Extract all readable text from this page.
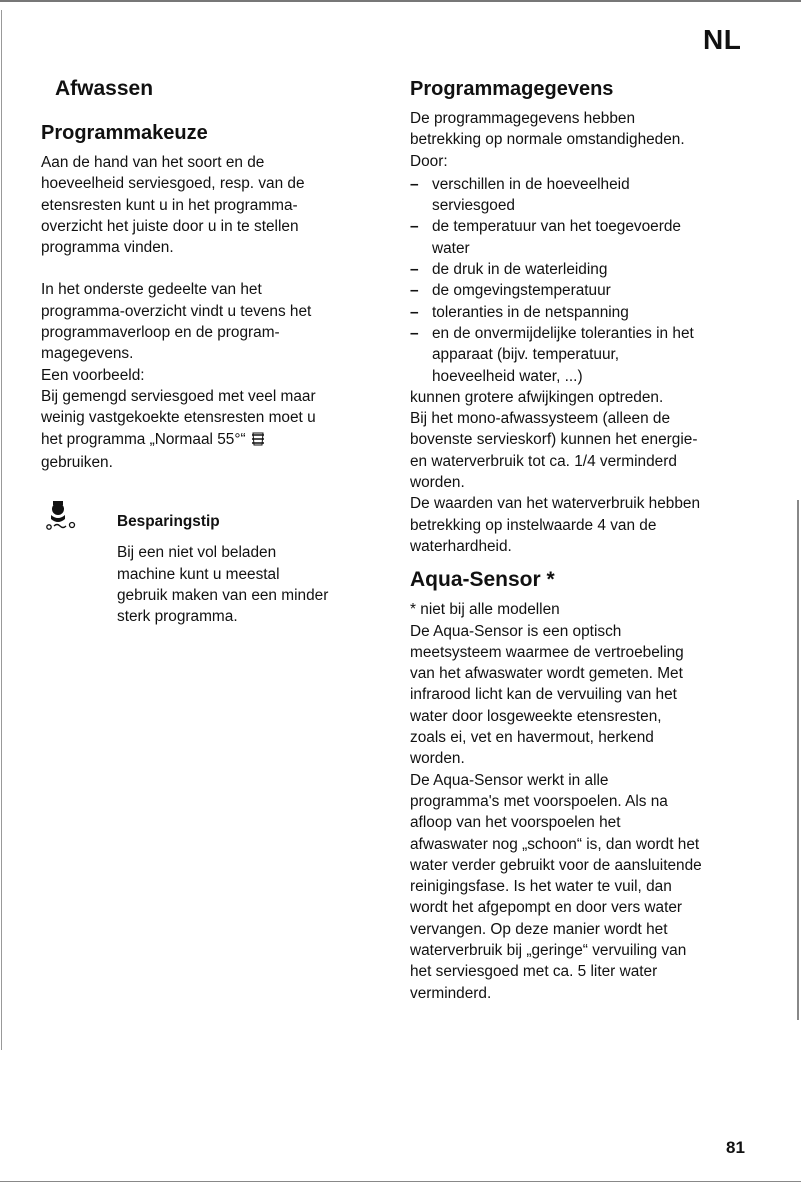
NL
Afwassen
Programmakeuze

Aan de hand van het soort en de
hoeveelheid serviesgoed, resp. van de
etensresten kunt u in het programma-
overzicht het juiste door u in te stellen
programma vinden.

In het onderste gedeelte van het
programma-overzicht vindt u tevens het
programmaverloop en de program-
magegevens.

Een voorbeeld:

Bij gemengd serviesgoed met veel maar
weinig vastgekoekte etensresten moet u
het programma „Normaal 55°“
gebruiken.

Besparingstip
Bij een niet vol beladen
machine kunt u meestal
gebruik maken van een minder
sterk programma.
Programmagegevens

De programmagegevens hebben
betrekking op normale omstandigheden.
Door:

– verschillen in de hoeveelheid
serviesgoed
– de temperatuur van het toegevoerde
water
– de druk in de waterleiding
– de omgevingstemperatuur
– toleranties in de netspanning
– en de onvermijdelijke toleranties in het
apparaat (bijv. temperatuur,
hoeveelheid water, ...)

kunnen grotere afwijkingen optreden.

Bij het mono-afwassysteem (alleen de
bovenste servieskorf) kunnen het energie-
en waterverbruik tot ca. 1/4 verminderd
worden.

De waarden van het waterverbruik hebben
betrekking op instelwaarde 4 van de
waterhardheid.

Aqua-Sensor *

* niet bij alle modellen

De Aqua-Sensor is een optisch
meetsysteem waarmee de vertroebeling
van het afwaswater wordt gemeten. Met
infrarood licht kan de vervuiling van het
water door losgeweekte etensresten,
zoals ei, vet en havermout, herkend
worden.

De Aqua-Sensor werkt in alle
programma's met voorspoelen. Als na
afloop van het voorspoelen het
afwaswater nog „schoon“ is, dan wordt het
water verder gebruikt voor de aansluitende
reinigingsfase. Is het water te vuil, dan
wordt het afgepompt en door vers water
vervangen. Op deze manier wordt het
waterverbruik bij „geringe“ vervuiling van
het serviesgoed met ca. 5 liter water
verminderd.

81
